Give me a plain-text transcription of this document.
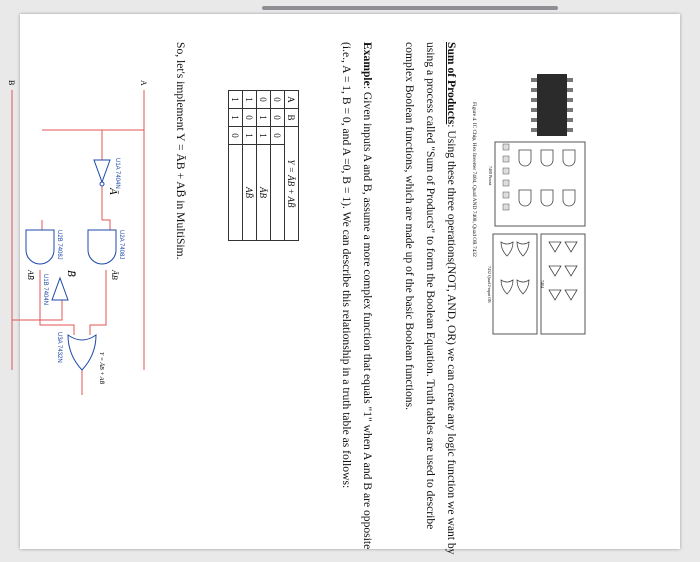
7404
7408 Pinout
7432 Quad 2-input OR
Figure 4. IC Chip, Hex Inverter 7404, Quad AND 7408, Quad OR 7432
Sum of Products: Using these three operations(NOT, AND, OR) we can create any logic function we want by using a process called "Sum of Products" to form the Boolean Equation. Truth tables are used to describe complex Boolean functions, which are made up of the basic Boolean functions.
Example: Given inputs A and B, assume a more complex function that equals "1" when A and B are opposite (i.e., A = 1, B = 0, and A =0, B = 1). We can describe this relationship in a truth table as follows:
A	B	Y = ĀB + AB̄	
0	0	0	
0	1	1	ĀB
1	0	1	AB̄
1	1	0	
So, let's implement Y = ĀB + AB̄ in MultiSim.
A
B
Ā
B̄	ĀB
AB̄
Y = ĀB + AB̄
U1A 7404N
U2A 7408J
U2B 7408J
U1B 7404N
U3A 7432N
